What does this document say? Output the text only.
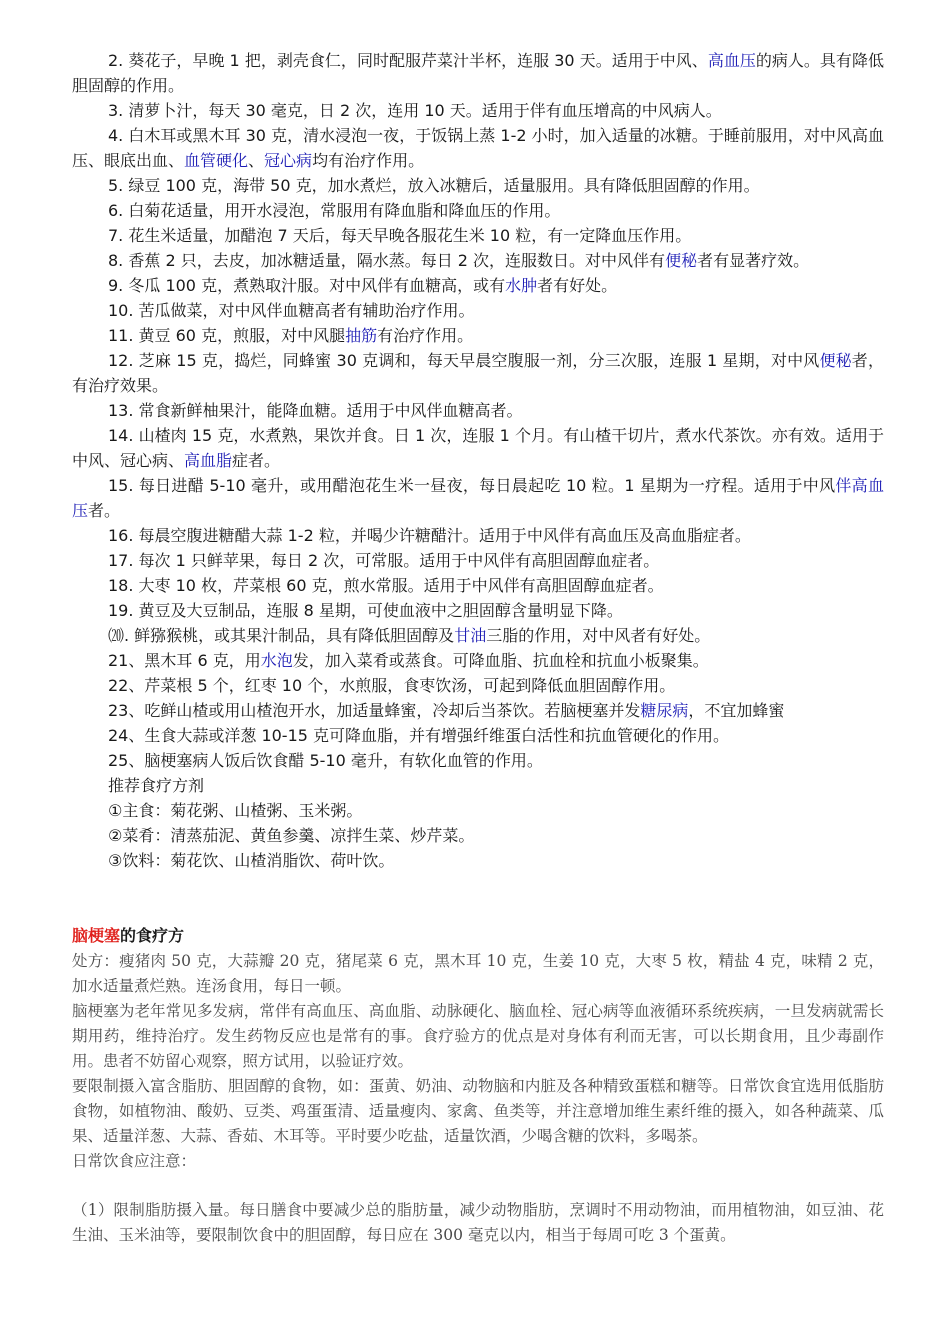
2. 葵花子，早晚 1 把，剥壳食仁，同时配服芹菜汁半杯，连服 30 天。适用于中风、高血压的病人。具有降低胆固醇的作用。

3. 清萝卜汁，每天 30 毫克，日 2 次，连用 10 天。适用于伴有血压增高的中风病人。

4. 白木耳或黑木耳 30 克，清水浸泡一夜，于饭锅上蒸 1-2 小时，加入适量的冰糖。于睡前服用，对中风高血压、眼底出血、血管硬化、冠心病均有治疗作用。

5. 绿豆 100 克，海带 50 克，加水煮烂，放入冰糖后，适量服用。具有降低胆固醇的作用。

6. 白菊花适量，用开水浸泡，常服用有降血脂和降血压的作用。

7. 花生米适量，加醋泡 7 天后，每天早晚各服花生米 10 粒，有一定降血压作用。

8. 香蕉 2 只，去皮，加冰糖适量，隔水蒸。每日 2 次，连服数日。对中风伴有便秘者有显著疗效。

9. 冬瓜 100 克，煮熟取汁服。对中风伴有血糖高，或有水肿者有好处。

10. 苦瓜做菜，对中风伴血糖高者有辅助治疗作用。

11. 黄豆 60 克，煎服，对中风腿抽筋有治疗作用。

12. 芝麻 15 克，捣烂，同蜂蜜 30 克调和，每天早晨空腹服一剂，分三次服，连服 1 星期，对中风便秘者，有治疗效果。

13. 常食新鲜柚果汁，能降血糖。适用于中风伴血糖高者。

14. 山楂肉 15 克，水煮熟，果饮并食。日 1 次，连服 1 个月。有山楂干切片，煮水代茶饮。亦有效。适用于中风、冠心病、高血脂症者。

15. 每日进醋 5-10 毫升，或用醋泡花生米一昼夜，每日晨起吃 10 粒。1 星期为一疗程。适用于中风伴高血压者。

16. 每晨空腹进糖醋大蒜 1-2 粒，并喝少许糖醋汁。适用于中风伴有高血压及高血脂症者。

17. 每次 1 只鲜苹果，每日 2 次，可常服。适用于中风伴有高胆固醇血症者。

18. 大枣 10 枚，芹菜根 60 克，煎水常服。适用于中风伴有高胆固醇血症者。

19. 黄豆及大豆制品，连服 8 星期，可使血液中之胆固醇含量明显下降。

⒇. 鲜猕猴桃，或其果汁制品，具有降低胆固醇及甘油三脂的作用，对中风者有好处。

21、黑木耳 6 克，用水泡发，加入菜肴或蒸食。可降血脂、抗血栓和抗血小板聚集。

22、芹菜根 5 个，红枣 10 个，水煎服，食枣饮汤，可起到降低血胆固醇作用。

23、吃鲜山楂或用山楂泡开水，加适量蜂蜜，冷却后当茶饮。若脑梗塞并发糖尿病，不宜加蜂蜜

24、生食大蒜或洋葱 10-15 克可降血脂，并有增强纤维蛋白活性和抗血管硬化的作用。

25、脑梗塞病人饭后饮食醋 5-10 毫升，有软化血管的作用。

推荐食疗方剂

①主食：菊花粥、山楂粥、玉米粥。

②菜肴：清蒸茄泥、黄鱼参羹、凉拌生菜、炒芹菜。

③饮料：菊花饮、山楂消脂饮、荷叶饮。

脑梗塞的食疗方

处方：瘦猪肉 50 克，大蒜瓣 20 克，猪尾菜 6 克，黑木耳 10 克，生姜 10 克，大枣 5 枚，精盐 4 克，味精 2 克，加水适量煮烂熟。连汤食用，每日一顿。

脑梗塞为老年常见多发病，常伴有高血压、高血脂、动脉硬化、脑血栓、冠心病等血液循环系统疾病，一旦发病就需长期用药，维持治疗。发生药物反应也是常有的事。食疗验方的优点是对身体有利而无害，可以长期食用，且少毒副作用。患者不妨留心观察，照方试用，以验证疗效。

要限制摄入富含脂肪、胆固醇的食物，如：蛋黄、奶油、动物脑和内脏及各种精致蛋糕和糖等。日常饮食宜选用低脂肪食物，如植物油、酸奶、豆类、鸡蛋蛋清、适量瘦肉、家禽、鱼类等，并注意增加维生素纤维的摄入，如各种蔬菜、瓜果、适量洋葱、大蒜、香茹、木耳等。平时要少吃盐，适量饮酒，少喝含糖的饮料，多喝茶。

日常饮食应注意：

（1）限制脂肪摄入量。每日膳食中要减少总的脂肪量，减少动物脂肪，烹调时不用动物油，而用植物油，如豆油、花生油、玉米油等，要限制饮食中的胆固醇，每日应在 300 毫克以内，相当于每周可吃 3 个蛋黄。
